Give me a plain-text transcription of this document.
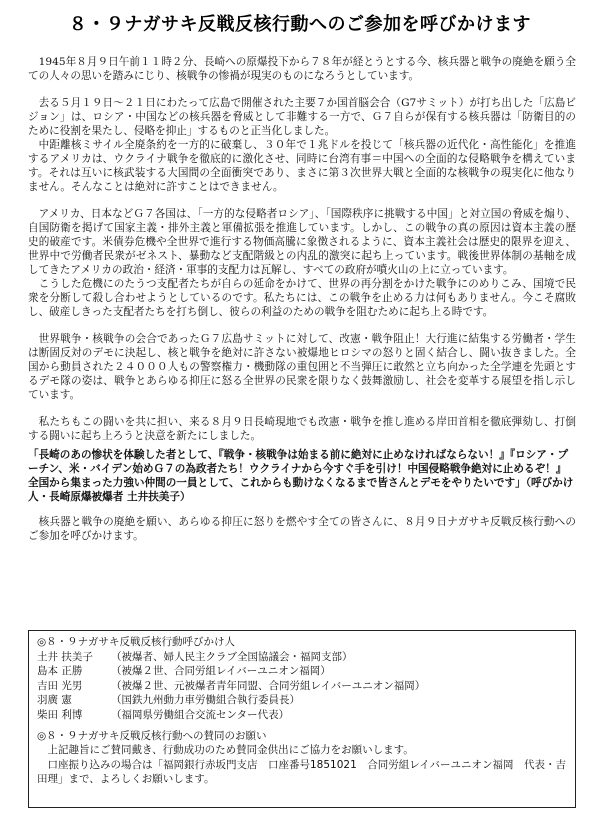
８・９ナガサキ反戦反核行動へのご参加を呼びかけます

1945年８月９日午前１１時２分、長崎への原爆投下から７８年が経とうとする今、核兵器と戦争の廃絶を願う全ての人々の思いを踏みにじり、核戦争の惨禍が現実のものになろうとしています。

去る５月１９日～２１日にわたって広島で開催された主要７か国首脳会合（G7サミット）が打ち出した「広島ビジョン」は、ロシア・中国などの核兵器を脅威として非難する一方で、Ｇ７自らが保有する核兵器は「防衛目的のために役割を果たし、侵略を抑止」するものと正当化しました。

中距離核ミサイル全廃条約を一方的に破棄し、３０年で１兆ドルを投じて「核兵器の近代化・高性能化」を推進するアメリカは、ウクライナ戦争を徹底的に激化させ、同時に台湾有事＝中国への全面的な侵略戦争を構えています。それは互いに核武装する大国間の全面衝突であり、まさに第３次世界大戦と全面的な核戦争の現実化に他なりません。そんなことは絶対に許すことはできません。

アメリカ、日本などＧ７各国は、「一方的な侵略者ロシア」、「国際秩序に挑戦する中国」と対立国の脅威を煽り、自国防衛を掲げて国家主義・排外主義と軍備拡張を推進しています。しかし、この戦争の真の原因は資本主義の歴史的破産です。米債券危機や全世界で進行する物価高騰に象徴されるように、資本主義社会は歴史的限界を迎え、世界中で労働者民衆がゼネスト、暴動など支配階級との内乱的激突に起ち上っています。戦後世界体制の基軸を成してきたアメリカの政治・経済・軍事的支配力は瓦解し、すべての政府が噴火山の上に立っています。

こうした危機にのたうつ支配者たちが自らの延命をかけて、世界の再分割をかけた戦争にのめりこみ、国境で民衆を分断して殺し合わせようとしているのです。私たちには、この戦争を止める力は何もありません。今こそ腐敗し、破産しきった支配者たちを打ち倒し、彼らの利益のための戦争を阻むために起ち上る時です。

世界戦争・核戦争の会合であったＧ７広島サミットに対して、改憲・戦争阻止！大行進に結集する労働者・学生は断固反対のデモに決起し、核と戦争を絶対に許さない被爆地ヒロシマの怒りと固く結合し、闘い抜きました。全国から動員された２４０００人もの警察権力・機動隊の重包囲と不当弾圧に敢然と立ち向かった全学連を先頭とするデモ隊の姿は、戦争とあらゆる抑圧に怒る全世界の民衆を限りなく鼓舞激励し、社会を変革する展望を指し示しています。

私たちもこの闘いを共に担い、来る８月９日長崎現地でも改憲・戦争を推し進める岸田首相を徹底弾劾し、打倒する闘いに起ち上ろうと決意を新たにしました。

「長崎のあの惨状を体験した者として、『戦争・核戦争は始まる前に絶対に止めなければならない！』『ロシア・プーチン、米・バイデン始めＧ７の為政者たち！ウクライナから今すぐ手を引け！中国侵略戦争絶対に止めるぞ！』全国から集まった力強い仲間の一員として、これからも動けなくなるまで皆さんとデモをやりたいです」（呼びかけ人・長崎原爆被爆者 土井扶美子）

核兵器と戦争の廃絶を願い、あらゆる抑圧に怒りを燃やす全ての皆さんに、８月９日ナガサキ反戦反核行動へのご参加を呼びかけます。

◎８・９ナガサキ反戦反核行動呼びかけ人
土井 扶美子	（被爆者、婦人民主クラブ全国協議会・福岡支部）
島本 正勝	（被爆２世、合同労組レイバーユニオン福岡）
吉田 光男	（被爆２世、元被爆者青年同盟、合同労組レイバーユニオン福岡）
羽廣 憲	（国鉄九州動力車労働組合執行委員長）
柴田 利博	（福岡県労働組合交流センター代表）
◎８・９ナガサキ反戦反核行動への賛同のお願い
上記趣旨にご賛同戴き、行動成功のため賛同金供出にご協力をお願いします。
口座振り込みの場合は「福岡銀行赤坂門支店　口座番号1851021　合同労組レイバーユニオン福岡　代表・吉田理」まで、よろしくお願いします。
